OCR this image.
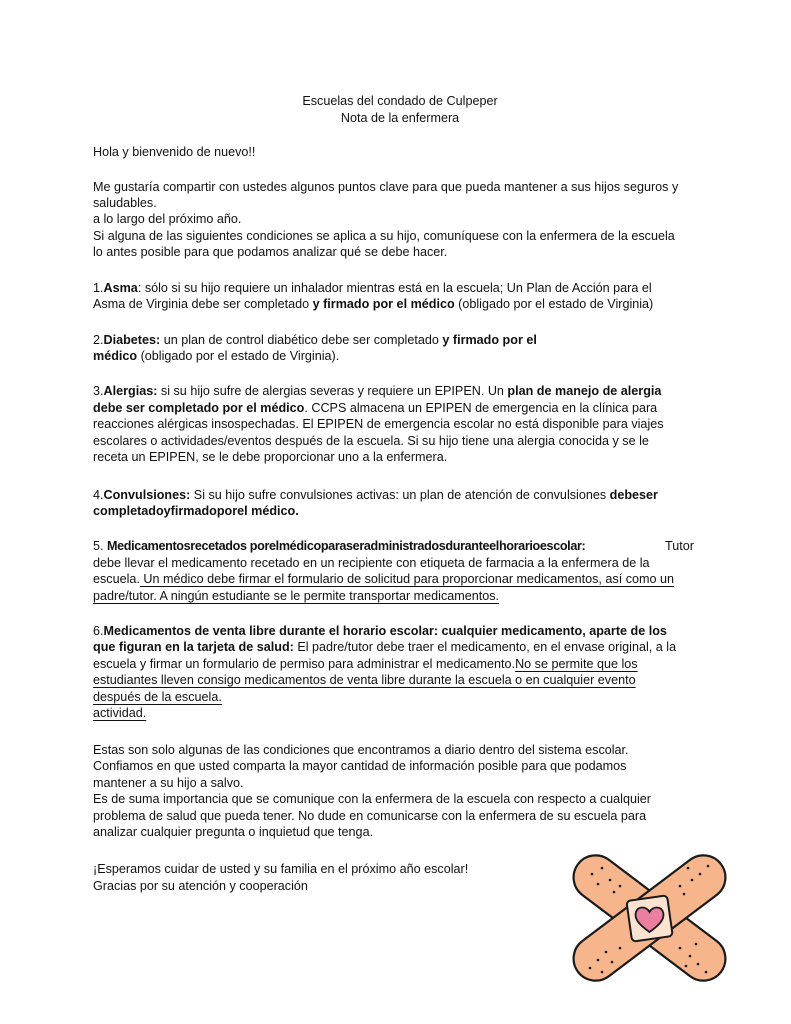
Escuelas del condado de Culpeper

Nota de la enfermera

Hola y bienvenido de nuevo!!

Me gustaría compartir con ustedes algunos puntos clave para que pueda mantener a sus hijos seguros y

saludables.

a lo largo del próximo año.

Si alguna de las siguientes condiciones se aplica a su hijo, comuníquese con la enfermera de la escuela

lo antes posible para que podamos analizar qué se debe hacer.

1.Asma: sólo si su hijo requiere un inhalador mientras está en la escuela; Un Plan de Acción para el

Asma de Virginia debe ser completado y firmado por el médico (obligado por el estado de Virginia)

2.Diabetes: un plan de control diabético debe ser completado y firmado por el

médico (obligado por el estado de Virginia).

3.Alergias: si su hijo sufre de alergias severas y requiere un EPIPEN. Un plan de manejo de alergia

debe ser completado por el médico. CCPS almacena un EPIPEN de emergencia en la clínica para

reacciones alérgicas insospechadas. El EPIPEN de emergencia escolar no está disponible para viajes

escolares o actividades/eventos después de la escuela. Si su hijo tiene una alergia conocida y se le

receta un EPIPEN, se le debe proporcionar uno a la enfermera.

4.Convulsiones: Si su hijo sufre convulsiones activas: un plan de atención de convulsiones debeser

completadoyfirmadoporel médico.

5. Medicamentosrecetados porelmédicoparaseradministradosduranteelhorarioescolar:	Tutor

debe llevar el medicamento recetado en un recipiente con etiqueta de farmacia a la enfermera de la

escuela. Un médico debe firmar el formulario de solicitud para proporcionar medicamentos, así como un

padre/tutor. A ningún estudiante se le permite transportar medicamentos.

6.Medicamentos de venta libre durante el horario escolar: cualquier medicamento, aparte de los

que figuran en la tarjeta de salud: El padre/tutor debe traer el medicamento, en el envase original, a la

escuela y firmar un formulario de permiso para administrar el medicamento.No se permite que los

estudiantes lleven consigo medicamentos de venta libre durante la escuela o en cualquier evento

después de la escuela.

actividad.

Estas son solo algunas de las condiciones que encontramos a diario dentro del sistema escolar.

Confiamos en que usted comparta la mayor cantidad de información posible para que podamos

mantener a su hijo a salvo.

Es de suma importancia que se comunique con la enfermera de la escuela con respecto a cualquier

problema de salud que pueda tener. No dude en comunicarse con la enfermera de su escuela para

analizar cualquier pregunta o inquietud que tenga.

¡Esperamos cuidar de usted y su familia en el próximo año escolar!

Gracias por su atención y cooperación
